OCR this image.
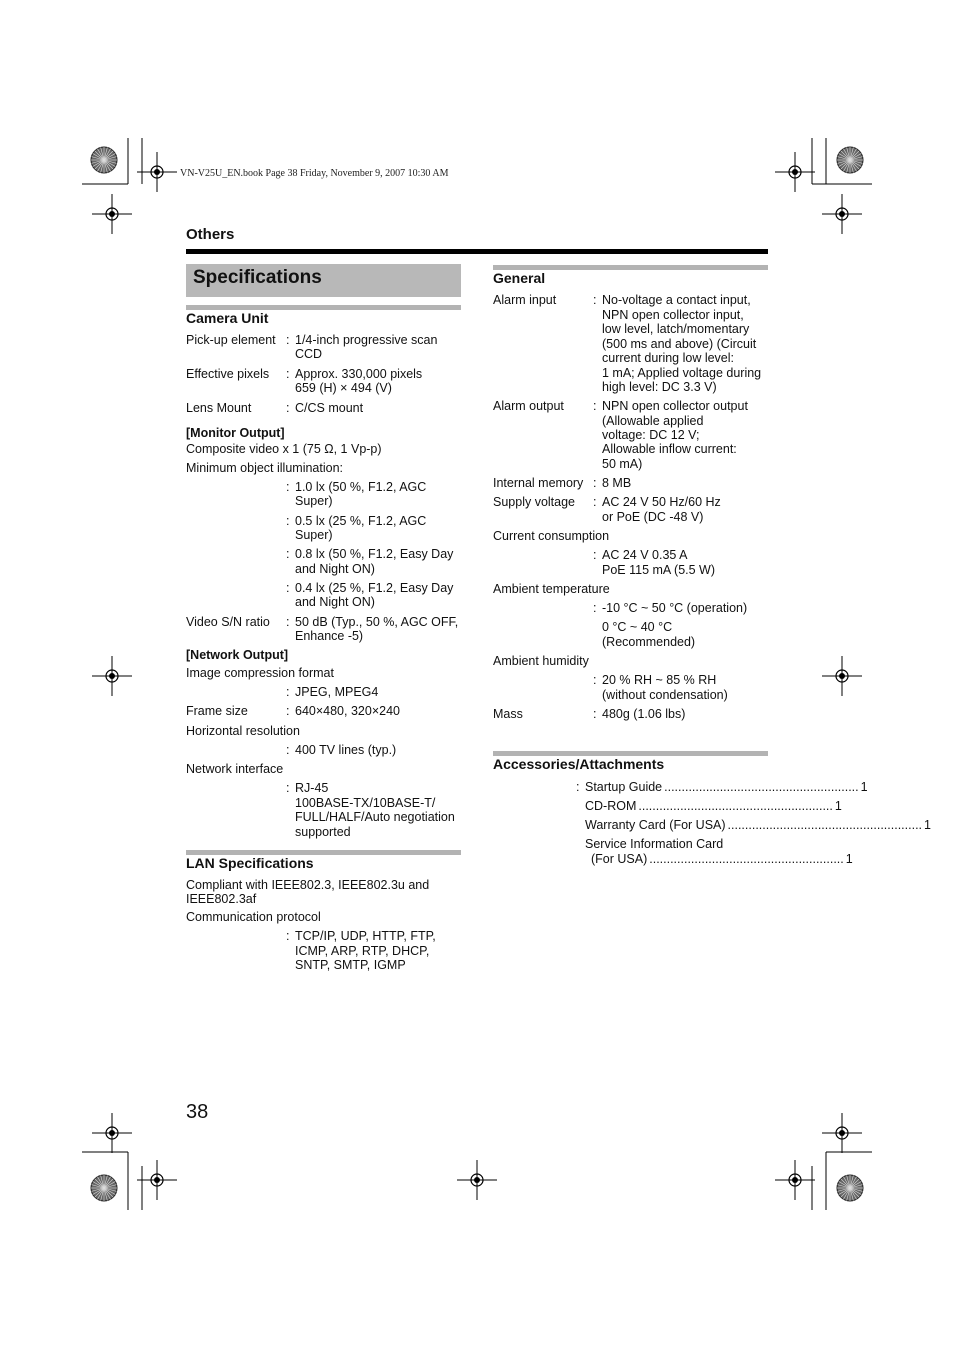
VN-V25U_EN.book Page 38 Friday, November 9, 2007 10:30 AM
Others
Specifications
Camera Unit
Pick-up element : 1/4-inch progressive scan
CCD
Effective pixels : Approx. 330,000 pixels
659 (H) × 494 (V)
Lens Mount	: C/CS mount
[Monitor Output]
Composite video x 1 (75 Ω, 1 Vp-p)
Minimum object illumination:
: 1.0 lx (50 %, F1.2, AGC
Super)
: 0.5 lx (25 %, F1.2, AGC
Super)
: 0.8 lx (50 %, F1.2, Easy Day
and Night ON)
: 0.4 lx (25 %, F1.2, Easy Day
and Night ON)
Video S/N ratio : 50 dB (Typ., 50 %, AGC OFF,
Enhance -5)
[Network Output]
Image compression format
: JPEG, MPEG4
Frame size	: 640×480, 320×240
Horizontal resolution
: 400 TV lines (typ.)
Network interface
: RJ-45
100BASE-TX/10BASE-T/
FULL/HALF/Auto negotiation
supported
LAN Specifications
Compliant with IEEE802.3, IEEE802.3u and
IEEE802.3af
Communication protocol
: TCP/IP, UDP, HTTP, FTP,
ICMP, ARP, RTP, DHCP,
SNTP, SMTP, IGMP
General
Alarm input	: No-voltage a contact input,
NPN open collector input,
low level, latch/momentary
(500 ms and above) (Circuit
current during low level:
1 mA; Applied voltage during
high level: DC 3.3 V)
Alarm output : NPN open collector output
(Allowable applied
voltage: DC 12 V;
Allowable inflow current:
50 mA)
Internal memory : 8 MB
Supply voltage : AC 24 V 50 Hz/60 Hz
or PoE (DC -48 V)
Current consumption
: AC 24 V 0.35 A
PoE 115 mA (5.5 W)
Ambient temperature
: -10 °C ~ 50 °C (operation)
0 °C ~ 40 °C
(Recommended)
Ambient humidity
: 20 % RH ~ 85 % RH
(without condensation)
Mass	: 480g (1.06 lbs)
Accessories/Attachments
: Startup Guide ........................................................ 1
CD-ROM ........................................................ 1
Warranty Card (For USA) ........................................................ 1
Service Information Card
(For USA) ........................................................ 1
38
